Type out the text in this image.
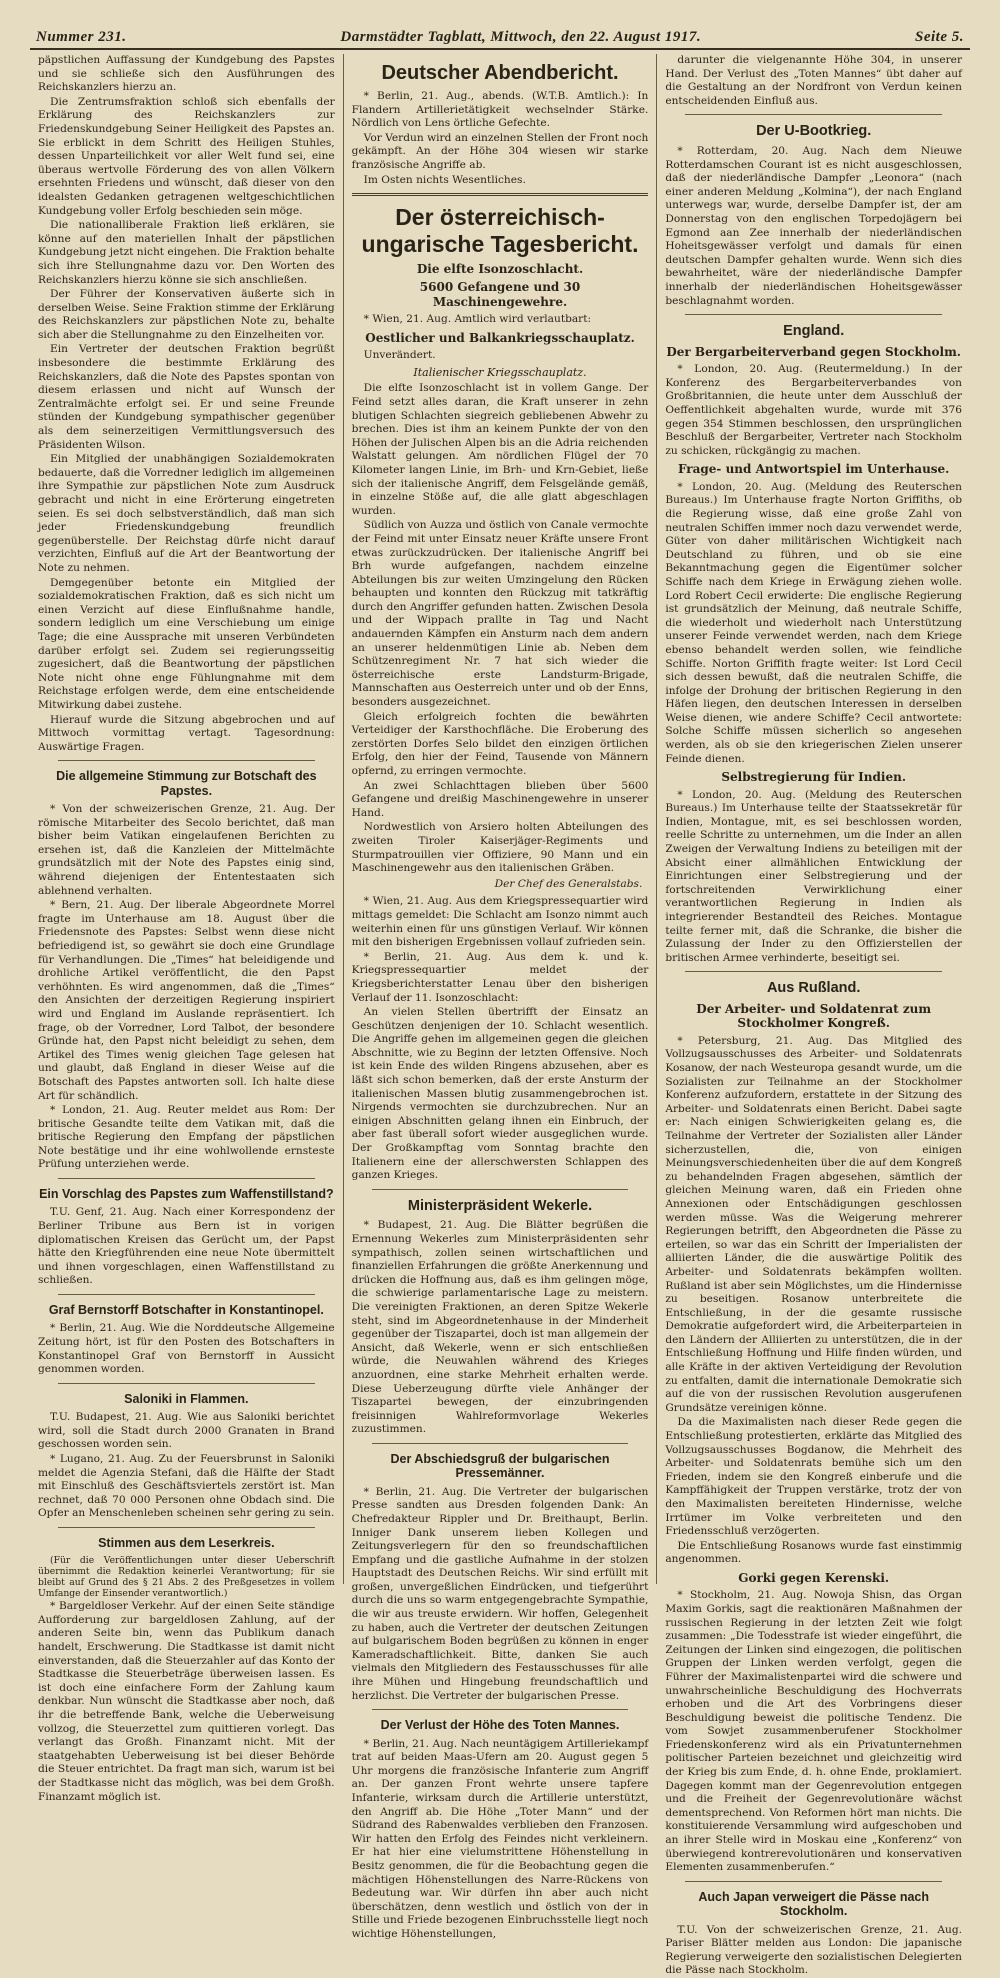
Nummer 231.	Darmstädter Tagblatt, Mittwoch, den 22. August 1917.	Seite 5.

päpstlichen Auffassung der Kundgebung des Papstes und sie schließe sich den Ausführungen des Reichskanzlers hierzu an.

Die Zentrumsfraktion schloß sich ebenfalls der Erklärung des Reichskanzlers zur Friedenskundgebung Seiner Heiligkeit des Papstes an. Sie erblickt in dem Schritt des Heiligen Stuhles, dessen Unparteilichkeit vor aller Welt fund sei, eine überaus wertvolle Förderung des von allen Völkern ersehnten Friedens und wünscht, daß dieser von den idealsten Gedanken getragenen weltgeschichtlichen Kundgebung voller Erfolg beschieden sein möge.

Die nationalliberale Fraktion ließ erklären, sie könne auf den materiellen Inhalt der päpstlichen Kundgebung jetzt nicht eingehen. Die Fraktion behalte sich ihre Stellungnahme dazu vor. Den Worten des Reichskanzlers hierzu könne sie sich anschließen.

Der Führer der Konservativen äußerte sich in derselben Weise. Seine Fraktion stimme der Erklärung des Reichskanzlers zur päpstlichen Note zu, behalte sich aber die Stellungnahme zu den Einzelheiten vor.

Ein Vertreter der deutschen Fraktion begrüßt insbesondere die bestimmte Erklärung des Reichskanzlers, daß die Note des Papstes spontan von diesem erlassen und nicht auf Wunsch der Zentralmächte erfolgt sei. Er und seine Freunde stünden der Kundgebung sympathischer gegenüber als dem seinerzeitigen Vermittlungsversuch des Präsidenten Wilson.

Ein Mitglied der unabhängigen Sozialdemokraten bedauerte, daß die Vorredner lediglich im allgemeinen ihre Sympathie zur päpstlichen Note zum Ausdruck gebracht und nicht in eine Erörterung eingetreten seien. Es sei doch selbstverständlich, daß man sich jeder Friedenskundgebung freundlich gegenüberstelle. Der Reichstag dürfe nicht darauf verzichten, Einfluß auf die Art der Beantwortung der Note zu nehmen.

Demgegenüber betonte ein Mitglied der sozialdemokratischen Fraktion, daß es sich nicht um einen Verzicht auf diese Einflußnahme handle, sondern lediglich um eine Verschiebung um einige Tage; die eine Aussprache mit unseren Verbündeten darüber erfolgt sei. Zudem sei regierungsseitig zugesichert, daß die Beantwortung der päpstlichen Note nicht ohne enge Fühlungnahme mit dem Reichstage erfolgen werde, dem eine entscheidende Mitwirkung dabei zustehe.

Hierauf wurde die Sitzung abgebrochen und auf Mittwoch vormittag vertagt. Tagesordnung: Auswärtige Fragen.

Die allgemeine Stimmung zur Botschaft des Papstes.

* Von der schweizerischen Grenze, 21. Aug. Der römische Mitarbeiter des Secolo berichtet, daß man bisher beim Vatikan eingelaufenen Berichten zu ersehen ist, daß die Kanzleien der Mittelmächte grundsätzlich mit der Note des Papstes einig sind, während diejenigen der Ententestaaten sich ablehnend verhalten.

* Bern, 21. Aug. Der liberale Abgeordnete Morrel fragte im Unterhause am 18. August über die Friedensnote des Papstes: Selbst wenn diese nicht befriedigend ist, so gewährt sie doch eine Grundlage für Verhandlungen. Die „Times“ hat beleidigende und drohliche Artikel veröffentlicht, die den Papst verhöhnten. Es wird angenommen, daß die „Times“ den Ansichten der derzeitigen Regierung inspiriert wird und England im Auslande repräsentiert. Ich frage, ob der Vorredner, Lord Talbot, der besondere Gründe hat, den Papst nicht beleidigt zu sehen, dem Artikel des Times wenig gleichen Tage gelesen hat und glaubt, daß England in dieser Weise auf die Botschaft des Papstes antworten soll. Ich halte diese Art für schändlich.

* London, 21. Aug. Reuter meldet aus Rom: Der britische Gesandte teilte dem Vatikan mit, daß die britische Regierung den Empfang der päpstlichen Note bestätige und ihr eine wohlwollende ernsteste Prüfung unterziehen werde.

Ein Vorschlag des Papstes zum Waffenstillstand?

T.U. Genf, 21. Aug. Nach einer Korrespondenz der Berliner Tribune aus Bern ist in vorigen diplomatischen Kreisen das Gerücht um, der Papst hätte den Kriegführenden eine neue Note übermittelt und ihnen vorgeschlagen, einen Waffenstillstand zu schließen.

Graf Bernstorff Botschafter in Konstantinopel.

* Berlin, 21. Aug. Wie die Norddeutsche Allgemeine Zeitung hört, ist für den Posten des Botschafters in Konstantinopel Graf von Bernstorff in Aussicht genommen worden.

Saloniki in Flammen.

T.U. Budapest, 21. Aug. Wie aus Saloniki berichtet wird, soll die Stadt durch 2000 Granaten in Brand geschossen worden sein.

* Lugano, 21. Aug. Zu der Feuersbrunst in Saloniki meldet die Agenzia Stefani, daß die Hälfte der Stadt mit Einschluß des Geschäftsviertels zerstört ist. Man rechnet, daß 70 000 Personen ohne Obdach sind. Die Opfer an Menschenleben scheinen sehr gering zu sein.

Stimmen aus dem Leserkreis.

(Für die Veröffentlichungen unter dieser Ueberschrift übernimmt die Redaktion keinerlei Verantwortung; für sie bleibt auf Grund des § 21 Abs. 2 des Preßgesetzes in vollem Umfange der Einsender verantwortlich.)

* Bargeldloser Verkehr. Auf der einen Seite ständige Aufforderung zur bargeldlosen Zahlung, auf der anderen Seite bin, wenn das Publikum danach handelt, Erschwerung. Die Stadtkasse ist damit nicht einverstanden, daß die Steuerzahler auf das Konto der Stadtkasse die Steuerbeträge überweisen lassen. Es ist doch eine einfachere Form der Zahlung kaum denkbar. Nun wünscht die Stadtkasse aber noch, daß ihr die betreffende Bank, welche die Ueberweisung vollzog, die Steuerzettel zum quittieren vorlegt. Das verlangt das Großh. Finanzamt nicht. Mit der staatgehabten Ueberweisung ist bei dieser Behörde die Steuer entrichtet. Da fragt man sich, warum ist bei der Stadtkasse nicht das möglich, was bei dem Großh. Finanzamt möglich ist.

Deutscher Abendbericht.

* Berlin, 21. Aug., abends. (W.T.B. Amtlich.): In Flandern Artillerietätigkeit wechselnder Stärke. Nördlich von Lens örtliche Gefechte.

Vor Verdun wird an einzelnen Stellen der Front noch gekämpft. An der Höhe 304 wiesen wir starke französische Angriffe ab.

Im Osten nichts Wesentliches.

Der österreichisch-ungarische Tagesbericht.
Die elfte Isonzoschlacht.
5600 Gefangene und 30 Maschinengewehre.

* Wien, 21. Aug. Amtlich wird verlautbart:

Oestlicher und Balkankriegsschauplatz.

Unverändert.

Italienischer Kriegsschauplatz.

Die elfte Isonzoschlacht ist in vollem Gange. Der Feind setzt alles daran, die Kraft unserer in zehn blutigen Schlachten siegreich gebliebenen Abwehr zu brechen. Dies ist ihm an keinem Punkte der von den Höhen der Julischen Alpen bis an die Adria reichenden Walstatt gelungen. Am nördlichen Flügel der 70 Kilometer langen Linie, im Brh- und Krn-Gebiet, ließe sich der italienische Angriff, dem Felsgelände gemäß, in einzelne Stöße auf, die alle glatt abgeschlagen wurden.

Südlich von Auzza und östlich von Canale vermochte der Feind mit unter Einsatz neuer Kräfte unsere Front etwas zurückzudrücken. Der italienische Angriff bei Brh wurde aufgefangen, nachdem einzelne Abteilungen bis zur weiten Umzingelung den Rücken behaupten und konnten den Rückzug mit tatkräftig durch den Angriffer gefunden hatten. Zwischen Desola und der Wippach prallte in Tag und Nacht andauernden Kämpfen ein Ansturm nach dem andern an unserer heldenmütigen Linie ab. Neben dem Schützenregiment Nr. 7 hat sich wieder die österreichische erste Landsturm-Brigade, Mannschaften aus Oesterreich unter und ob der Enns, besonders ausgezeichnet.

Gleich erfolgreich fochten die bewährten Verteidiger der Karsthochfläche. Die Eroberung des zerstörten Dorfes Selo bildet den einzigen örtlichen Erfolg, den hier der Feind, Tausende von Männern opfernd, zu erringen vermochte.

An zwei Schlachttagen blieben über 5600 Gefangene und dreißig Maschinengewehre in unserer Hand.

Nordwestlich von Arsiero holten Abteilungen des zweiten Tiroler Kaiserjäger-Regiments und Sturmpatrouillen vier Offiziere, 90 Mann und ein Maschinengewehr aus den italienischen Gräben.

Der Chef des Generalstabs.

* Wien, 21. Aug. Aus dem Kriegspressequartier wird mittags gemeldet: Die Schlacht am Isonzo nimmt auch weiterhin einen für uns günstigen Verlauf. Wir können mit den bisherigen Ergebnissen vollauf zufrieden sein.

* Berlin, 21. Aug. Aus dem k. und k. Kriegspressequartier meldet der Kriegsberichterstatter Lenau über den bisherigen Verlauf der 11. Isonzoschlacht:

An vielen Stellen übertrifft der Einsatz an Geschützen denjenigen der 10. Schlacht wesentlich. Die Angriffe gehen im allgemeinen gegen die gleichen Abschnitte, wie zu Beginn der letzten Offensive. Noch ist kein Ende des wilden Ringens abzusehen, aber es läßt sich schon bemerken, daß der erste Ansturm der italienischen Massen blutig zusammengebrochen ist. Nirgends vermochten sie durchzubrechen. Nur an einigen Abschnitten gelang ihnen ein Einbruch, der aber fast überall sofort wieder ausgeglichen wurde. Der Großkampftag vom Sonntag brachte den Italienern eine der allerschwersten Schlappen des ganzen Krieges.

Ministerpräsident Wekerle.

* Budapest, 21. Aug. Die Blätter begrüßen die Ernennung Wekerles zum Ministerpräsidenten sehr sympathisch, zollen seinen wirtschaftlichen und finanziellen Erfahrungen die größte Anerkennung und drücken die Hoffnung aus, daß es ihm gelingen möge, die schwierige parlamentarische Lage zu meistern. Die vereinigten Fraktionen, an deren Spitze Wekerle steht, sind im Abgeordnetenhause in der Minderheit gegenüber der Tiszapartei, doch ist man allgemein der Ansicht, daß Wekerle, wenn er sich entschließen würde, die Neuwahlen während des Krieges anzuordnen, eine starke Mehrheit erhalten werde. Diese Ueberzeugung dürfte viele Anhänger der Tiszapartei bewegen, der einzubringenden freisinnigen Wahlreformvorlage Wekerles zuzustimmen.

Der Abschiedsgruß der bulgarischen Pressemänner.

* Berlin, 21. Aug. Die Vertreter der bulgarischen Presse sandten aus Dresden folgenden Dank: An Chefredakteur Rippler und Dr. Breithaupt, Berlin. Inniger Dank unserem lieben Kollegen und Zeitungsverlegern für den so freundschaftlichen Empfang und die gastliche Aufnahme in der stolzen Hauptstadt des Deutschen Reichs. Wir sind erfüllt mit großen, unvergeßlichen Eindrücken, und tiefgerührt durch die uns so warm entgegengebrachte Sympathie, die wir aus treuste erwidern. Wir hoffen, Gelegenheit zu haben, auch die Vertreter der deutschen Zeitungen auf bulgarischem Boden begrüßen zu können in enger Kameradschaftlichkeit. Bitte, danken Sie auch vielmals den Mitgliedern des Festausschusses für alle ihre Mühen und Hingebung freundschaftlich und herzlichst. Die Vertreter der bulgarischen Presse.

Der Verlust der Höhe des Toten Mannes.

* Berlin, 21. Aug. Nach neuntägigem Artilleriekampf trat auf beiden Maas-Ufern am 20. August gegen 5 Uhr morgens die französische Infanterie zum Angriff an. Der ganzen Front wehrte unsere tapfere Infanterie, wirksam durch die Artillerie unterstützt, den Angriff ab. Die Höhe „Toter Mann“ und der Südrand des Rabenwaldes verblieben den Franzosen. Wir hatten den Erfolg des Feindes nicht verkleinern. Er hat hier eine vielumstrittene Höhenstellung in Besitz genommen, die für die Beobachtung gegen die mächtigen Höhenstellungen des Narre-Rückens von Bedeutung war. Wir dürfen ihn aber auch nicht überschätzen, denn westlich und östlich von der in Stille und Friede bezogenen Einbruchsstelle liegt noch wichtige Höhenstellungen,

darunter die vielgenannte Höhe 304, in unserer Hand. Der Verlust des „Toten Mannes“ übt daher auf die Gestaltung an der Nordfront von Verdun keinen entscheidenden Einfluß aus.

Der U-Bootkrieg.

* Rotterdam, 20. Aug. Nach dem Nieuwe Rotterdamschen Courant ist es nicht ausgeschlossen, daß der niederländische Dampfer „Leonora“ (nach einer anderen Meldung „Kolmina“), der nach England unterwegs war, wurde, derselbe Dampfer ist, der am Donnerstag von den englischen Torpedojägern bei Egmond aan Zee innerhalb der niederländischen Hoheitsgewässer verfolgt und damals für einen deutschen Dampfer gehalten wurde. Wenn sich dies bewahrheitet, wäre der niederländische Dampfer innerhalb der niederländischen Hoheitsgewässer beschlagnahmt worden.

England.
Der Bergarbeiterverband gegen Stockholm.

* London, 20. Aug. (Reutermeldung.) In der Konferenz des Bergarbeiterverbandes von Großbritannien, die heute unter dem Ausschluß der Oeffentlichkeit abgehalten wurde, wurde mit 376 gegen 354 Stimmen beschlossen, den ursprünglichen Beschluß der Bergarbeiter, Vertreter nach Stockholm zu schicken, rückgängig zu machen.

Frage- und Antwortspiel im Unterhause.

* London, 20. Aug. (Meldung des Reuterschen Bureaus.) Im Unterhause fragte Norton Griffiths, ob die Regierung wisse, daß eine große Zahl von neutralen Schiffen immer noch dazu verwendet werde, Güter von daher militärischen Wichtigkeit nach Deutschland zu führen, und ob sie eine Bekanntmachung gegen die Eigentümer solcher Schiffe nach dem Kriege in Erwägung ziehen wolle. Lord Robert Cecil erwiderte: Die englische Regierung ist grundsätzlich der Meinung, daß neutrale Schiffe, die wiederholt und wiederholt nach Unterstützung unserer Feinde verwendet werden, nach dem Kriege ebenso behandelt werden sollen, wie feindliche Schiffe. Norton Griffith fragte weiter: Ist Lord Cecil sich dessen bewußt, daß die neutralen Schiffe, die infolge der Drohung der britischen Regierung in den Häfen liegen, den deutschen Interessen in derselben Weise dienen, wie andere Schiffe? Cecil antwortete: Solche Schiffe müssen sicherlich so angesehen werden, als ob sie den kriegerischen Zielen unserer Feinde dienen.

Selbstregierung für Indien.

* London, 20. Aug. (Meldung des Reuterschen Bureaus.) Im Unterhause teilte der Staatssekretär für Indien, Montague, mit, es sei beschlossen worden, reelle Schritte zu unternehmen, um die Inder an allen Zweigen der Verwaltung Indiens zu beteiligen mit der Absicht einer allmählichen Entwicklung der Einrichtungen einer Selbstregierung und der fortschreitenden Verwirklichung einer verantwortlichen Regierung in Indien als integrierender Bestandteil des Reiches. Montague teilte ferner mit, daß die Schranke, die bisher die Zulassung der Inder zu den Offizierstellen der britischen Armee verhinderte, beseitigt sei.

Aus Rußland.
Der Arbeiter- und Soldatenrat zum Stockholmer Kongreß.

* Petersburg, 21. Aug. Das Mitglied des Vollzugsausschusses des Arbeiter- und Soldatenrats Kosanow, der nach Westeuropa gesandt wurde, um die Sozialisten zur Teilnahme an der Stockholmer Konferenz aufzufordern, erstattete in der Sitzung des Arbeiter- und Soldatenrats einen Bericht. Dabei sagte er: Nach einigen Schwierigkeiten gelang es, die Teilnahme der Vertreter der Sozialisten aller Länder sicherzustellen, die, von einigen Meinungsverschiedenheiten über die auf dem Kongreß zu behandelnden Fragen abgesehen, sämtlich der gleichen Meinung waren, daß ein Frieden ohne Annexionen oder Entschädigungen geschlossen werden müsse. Was die Weigerung mehrerer Regierungen betrifft, den Abgeordneten die Pässe zu erteilen, so war das ein Schritt der Imperialisten der alliierten Länder, die die auswärtige Politik des Arbeiter- und Soldatenrats bekämpfen wollten. Rußland ist aber sein Möglichstes, um die Hindernisse zu beseitigen. Rosanow unterbreitete die Entschließung, in der die gesamte russische Demokratie aufgefordert wird, die Arbeiterparteien in den Ländern der Alliierten zu unterstützen, die in der Entschließung Hoffnung und Hilfe finden würden, und alle Kräfte in der aktiven Verteidigung der Revolution zu entfalten, damit die internationale Demokratie sich auf die von der russischen Revolution ausgerufenen Grundsätze vereinigen könne.

Da die Maximalisten nach dieser Rede gegen die Entschließung protestierten, erklärte das Mitglied des Vollzugsausschusses Bogdanow, die Mehrheit des Arbeiter- und Soldatenrats bemühe sich um den Frieden, indem sie den Kongreß einberufe und die Kampffähigkeit der Truppen verstärke, trotz der von den Maximalisten bereiteten Hindernisse, welche Irrtümer im Volke verbreiteten und den Friedensschluß verzögerten.

Die Entschließung Rosanows wurde fast einstimmig angenommen.

Gorki gegen Kerenski.

* Stockholm, 21. Aug. Nowoja Shisn, das Organ Maxim Gorkis, sagt die reaktionären Maßnahmen der russischen Regierung in der letzten Zeit wie folgt zusammen: „Die Todesstrafe ist wieder eingeführt, die Zeitungen der Linken sind eingezogen, die politischen Gruppen der Linken werden verfolgt, gegen die Führer der Maximalistenpartei wird die schwere und unwahrscheinliche Beschuldigung des Hochverrats erhoben und die Art des Vorbringens dieser Beschuldigung beweist die politische Tendenz. Die vom Sowjet zusammenberufener Stockholmer Friedenskonferenz wird als ein Privatunternehmen politischer Parteien bezeichnet und gleichzeitig wird der Krieg bis zum Ende, d. h. ohne Ende, proklamiert. Dagegen kommt man der Gegenrevolution entgegen und die Freiheit der Gegenrevolutionäre wächst dementsprechend. Von Reformen hört man nichts. Die konstituierende Versammlung wird aufgeschoben und an ihrer Stelle wird in Moskau eine „Konferenz“ von überwiegend kontrerevolutionären und konservativen Elementen zusammenberufen.“

Auch Japan verweigert die Pässe nach Stockholm.

T.U. Von der schweizerischen Grenze, 21. Aug. Pariser Blätter melden aus London: Die japanische Regierung verweigerte den sozialistischen Delegierten die Pässe nach Stockholm.
